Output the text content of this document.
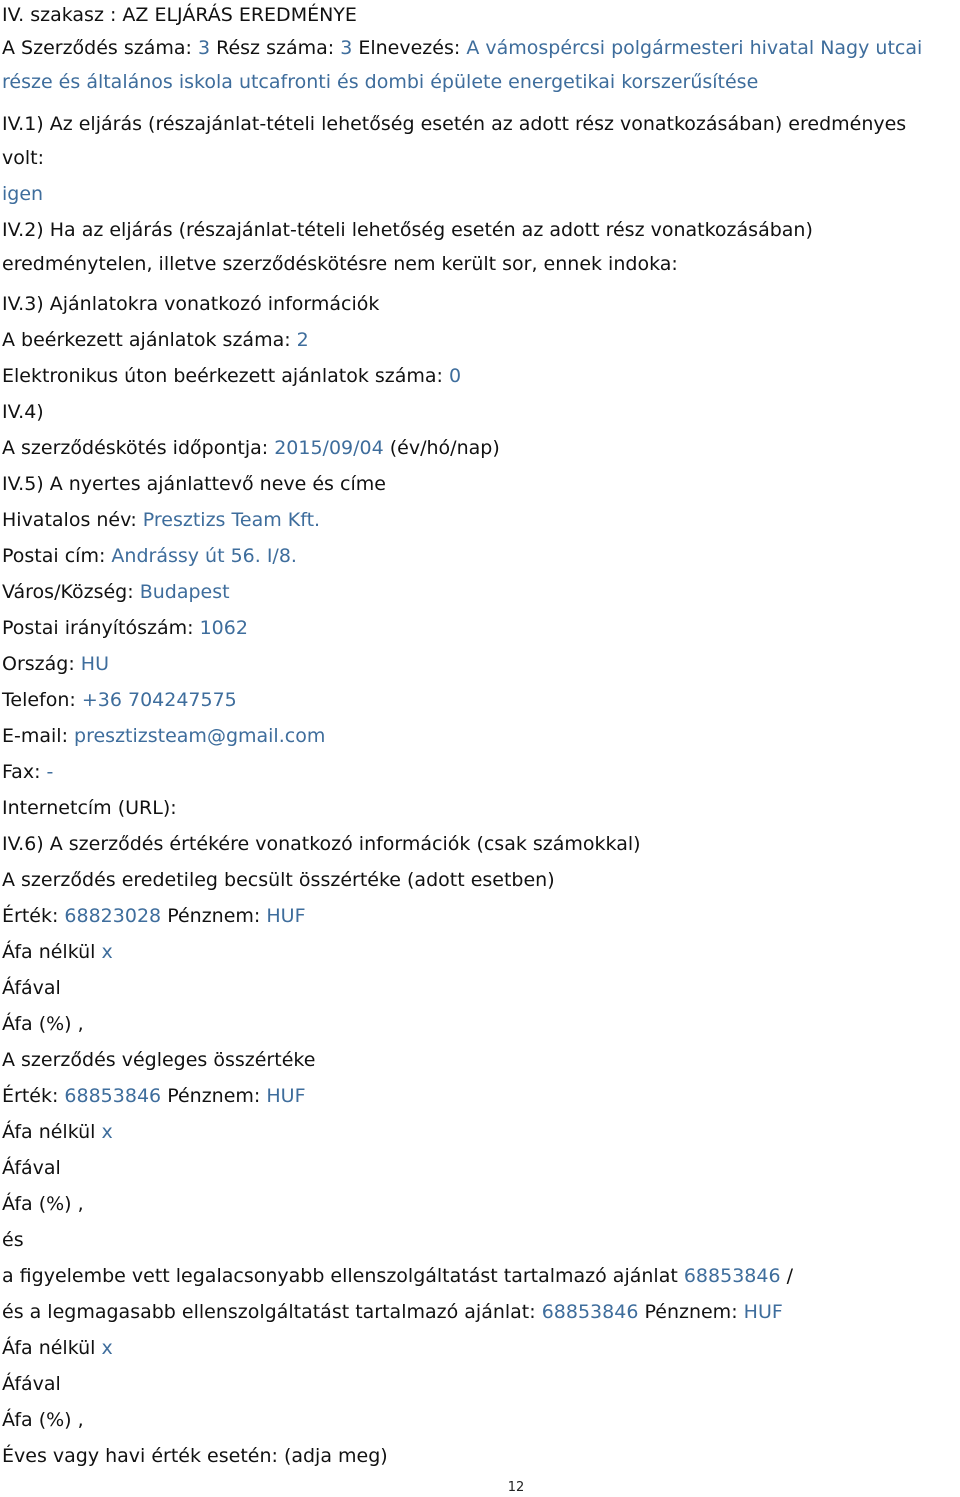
IV. szakasz : AZ ELJÁRÁS EREDMÉNYE
A Szerződés száma: 3 Rész száma: 3 Elnevezés: A vámospércsi polgármesteri hivatal Nagy utcai része és általános iskola utcafronti és dombi épülete energetikai korszerűsítése
IV.1) Az eljárás (részajánlat-tételi lehetőség esetén az adott rész vonatkozásában) eredményes volt:
igen
IV.2) Ha az eljárás (részajánlat-tételi lehetőség esetén az adott rész vonatkozásában) eredménytelen, illetve szerződéskötésre nem került sor, ennek indoka:
IV.3) Ajánlatokra vonatkozó információk
A beérkezett ajánlatok száma: 2
Elektronikus úton beérkezett ajánlatok száma: 0
IV.4)
A szerződéskötés időpontja: 2015/09/04 (év/hó/nap)
IV.5) A nyertes ajánlattevő neve és címe
Hivatalos név: Presztizs Team Kft.
Postai cím: Andrássy út 56. I/8.
Város/Község: Budapest
Postai irányítószám: 1062
Ország: HU
Telefon: +36 704247575
E-mail: presztizsteam@gmail.com
Fax: -
Internetcím (URL):
IV.6) A szerződés értékére vonatkozó információk (csak számokkal)
A szerződés eredetileg becsült összértéke (adott esetben)
Érték: 68823028 Pénznem: HUF
Áfa nélkül x
Áfával
Áfa (%) ,
A szerződés végleges összértéke
Érték: 68853846 Pénznem: HUF
Áfa nélkül x
Áfával
Áfa (%) ,
és
a figyelembe vett legalacsonyabb ellenszolgáltatást tartalmazó ajánlat 68853846 /
és a legmagasabb ellenszolgáltatást tartalmazó ajánlat: 68853846 Pénznem: HUF
Áfa nélkül x
Áfával
Áfa (%) ,
Éves vagy havi érték esetén: (adja meg)
12
